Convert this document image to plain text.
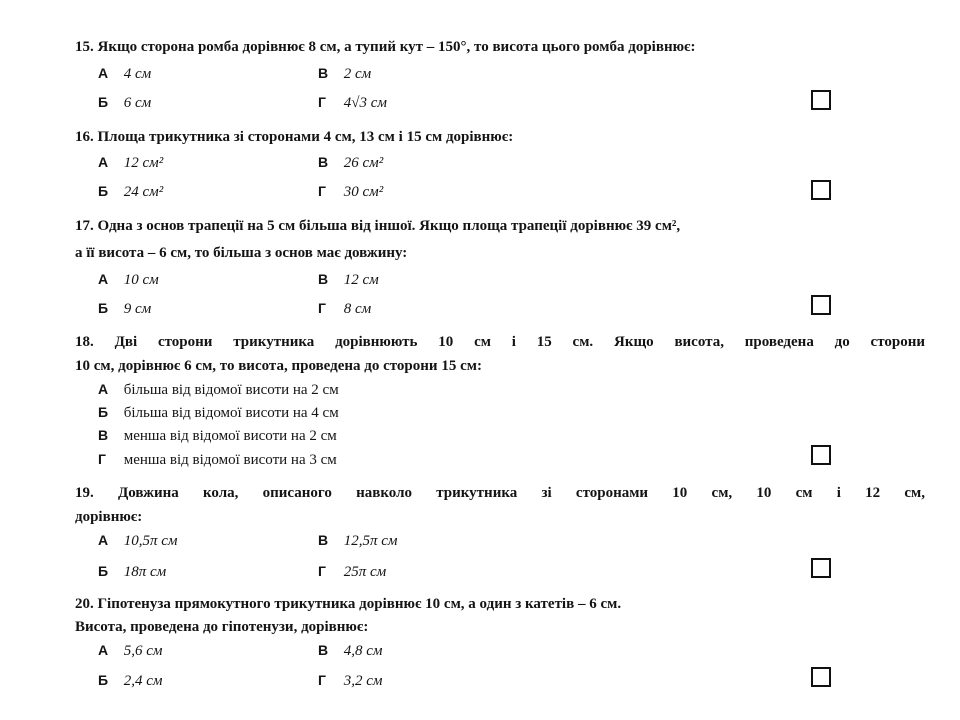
15. Якщо сторона ромба дорівнює 8 см, а тупий кут – 150°, то висота цього ромба дорівнює:
А 4 см	В 2 см
Б 6 см	Г 4√3 см
16. Площа трикутника зі сторонами 4 см, 13 см і 15 см дорівнює:
А 12 см²	В 26 см²
Б 24 см²	Г 30 см²
17. Одна з основ трапеції на 5 см більша від іншої. Якщо площа трапеції дорівнює 39 см²,
а її висота – 6 см, то більша з основ має довжину:
А 10 см	В 12 см
Б 9 см	Г 8 см
18. Дві сторони трикутника дорівнюють 10 см і 15 см. Якщо висота, проведена до сторони
10 см, дорівнює 6 см, то висота, проведена до сторони 15 см:
А більша від відомої висоти на 2 см
Б більша від відомої висоти на 4 см
В менша від відомої висоти на 2 см
Г менша від відомої висоти на 3 см
19. Довжина кола, описаного навколо трикутника зі сторонами 10 см, 10 см і 12 см,
дорівнює:
А 10,5π см	В 12,5π см
Б 18π см	Г 25π см
20. Гіпотенуза прямокутного трикутника дорівнює 10 см, а один з катетів – 6 см.
Висота, проведена до гіпотенузи, дорівнює:
А 5,6 см	В 4,8 см
Б 2,4 см	Г 3,2 см
